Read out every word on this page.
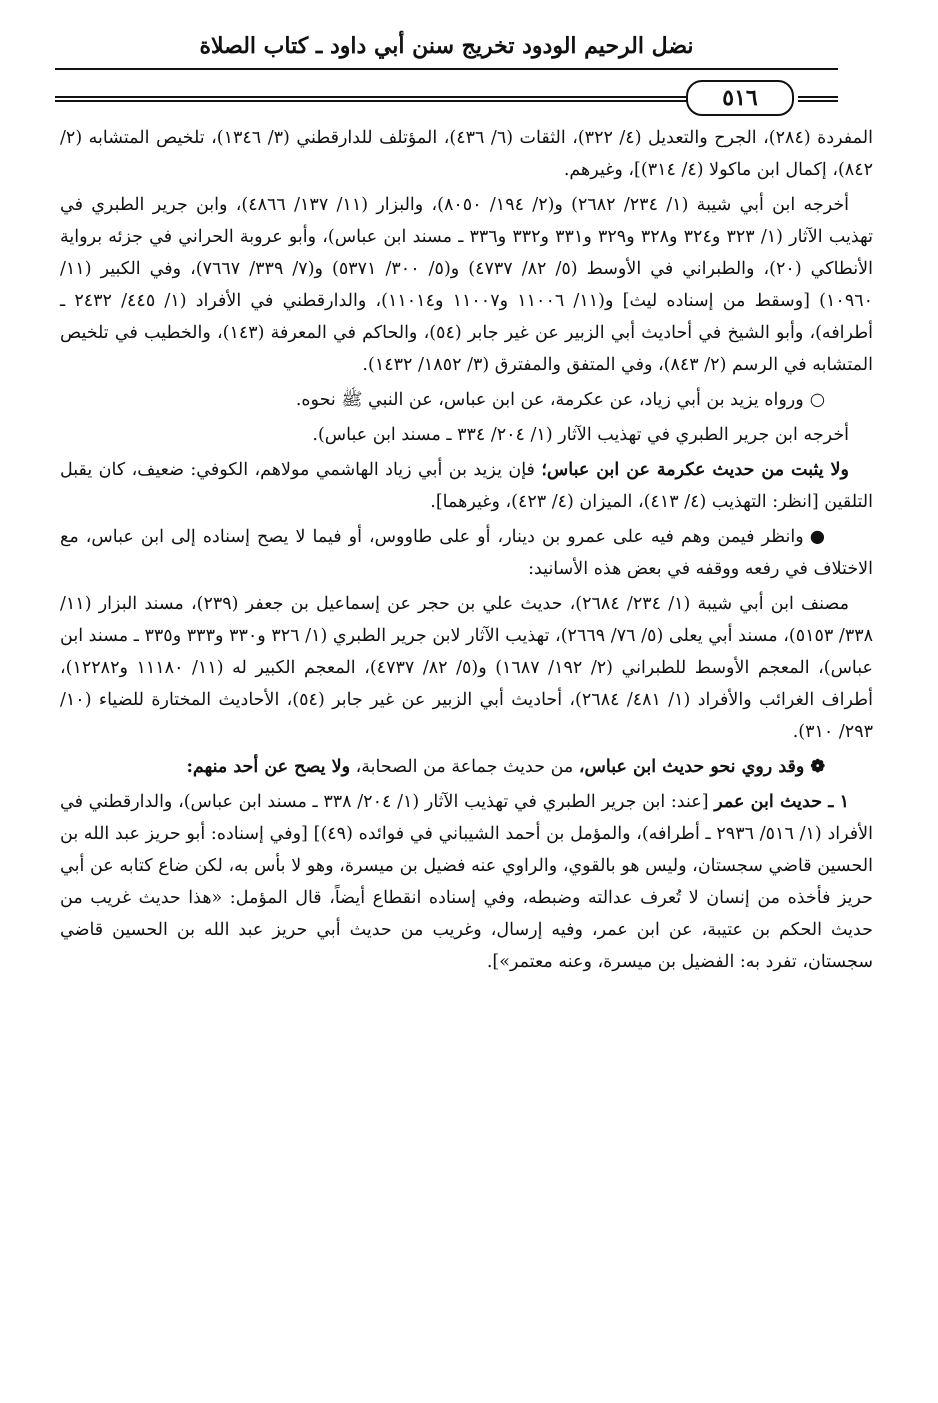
نضل الرحيم الودود تخريج سنن أبي داود ـ كتاب الصلاة
٥١٦

المفردة (٢٨٤)، الجرح والتعديل (٤/ ٣٢٢)، الثقات (٦/ ٤٣٦)، المؤتلف للدارقطني (٣/ ١٣٤٦)، تلخيص المتشابه (٢/ ٨٤٢)، إكمال ابن ماكولا (٤/ ٣١٤)]، وغيرهم.

أخرجه ابن أبي شيبة (١/ ٢٣٤/ ٢٦٨٢) و(٢/ ١٩٤/ ٨٠٥٠)، والبزار (١١/ ١٣٧/ ٤٨٦٦)، وابن جرير الطبري في تهذيب الآثار (١/ ٣٢٣ و٣٢٤ و٣٢٨ و٣٢٩ و٣٣١ و٣٣٢ و٣٣٦ ـ مسند ابن عباس)، وأبو عروبة الحراني في جزئه برواية الأنطاكي (٢٠)، والطبراني في الأوسط (٥/ ٨٢/ ٤٧٣٧) و(٥/ ٣٠٠/ ٥٣٧١) و(٧/ ٣٣٩/ ٧٦٦٧)، وفي الكبير (١١/ ١٠٩٦٠) [وسقط من إسناده ليث] و(١١/ ١١٠٠٦ و١١٠٠٧ و١١٠١٤)، والدارقطني في الأفراد (١/ ٤٤٥/ ٢٤٣٢ ـ أطرافه)، وأبو الشيخ في أحاديث أبي الزبير عن غير جابر (٥٤)، والحاكم في المعرفة (١٤٣)، والخطيب في تلخيص المتشابه في الرسم (٢/ ٨٤٣)، وفي المتفق والمفترق (٣/ ١٨٥٢/ ١٤٣٢).

○ورواه يزيد بن أبي زياد، عن عكرمة، عن ابن عباس، عن النبي ﷺ نحوه.

أخرجه ابن جرير الطبري في تهذيب الآثار (١/ ٢٠٤/ ٣٣٤ ـ مسند ابن عباس).

ولا يثبت من حديث عكرمة عن ابن عباس؛ فإن يزيد بن أبي زياد الهاشمي مولاهم، الكوفي: ضعيف، كان يقبل التلقين [انظر: التهذيب (٤/ ٤١٣)، الميزان (٤/ ٤٢٣)، وغيرهما].

●وانظر فيمن وهم فيه على عمرو بن دينار، أو على طاووس، أو فيما لا يصح إسناده إلى ابن عباس، مع الاختلاف في رفعه ووقفه في بعض هذه الأسانيد:

مصنف ابن أبي شيبة (١/ ٢٣٤/ ٢٦٨٤)، حديث علي بن حجر عن إسماعيل بن جعفر (٢٣٩)، مسند البزار (١١/ ٣٣٨/ ٥١٥٣)، مسند أبي يعلى (٥/ ٧٦/ ٢٦٦٩)، تهذيب الآثار لابن جرير الطبري (١/ ٣٢٦ و٣٣٠ و٣٣٣ و٣٣٥ ـ مسند ابن عباس)، المعجم الأوسط للطبراني (٢/ ١٩٢/ ١٦٨٧) و(٥/ ٨٢/ ٤٧٣٧)، المعجم الكبير له (١١/ ١١١٨٠ و١٢٢٨٢)، أطراف الغرائب والأفراد (١/ ٤٨١/ ٢٦٨٤)، أحاديث أبي الزبير عن غير جابر (٥٤)، الأحاديث المختارة للضياء (١٠/ ٢٩٣/ ٣١٠).

❁وقد روي نحو حديث ابن عباس، من حديث جماعة من الصحابة، ولا يصح عن أحد منهم:

١ ـ حديث ابن عمر [عند: ابن جرير الطبري في تهذيب الآثار (١/ ٢٠٤/ ٣٣٨ ـ مسند ابن عباس)، والدارقطني في الأفراد (١/ ٥١٦/ ٢٩٣٦ ـ أطرافه)، والمؤمل بن أحمد الشيباني في فوائده (٤٩)] [وفي إسناده: أبو حريز عبد الله بن الحسين قاضي سجستان، وليس هو بالقوي، والراوي عنه فضيل بن ميسرة، وهو لا بأس به، لكن ضاع كتابه عن أبي حريز فأخذه من إنسان لا تُعرف عدالته وضبطه، وفي إسناده انقطاع أيضاً، قال المؤمل: «هذا حديث غريب من حديث الحكم بن عتيبة، عن ابن عمر، وفيه إرسال، وغريب من حديث أبي حريز عبد الله بن الحسين قاضي سجستان، تفرد به: الفضيل بن ميسرة، وعنه معتمر»].
